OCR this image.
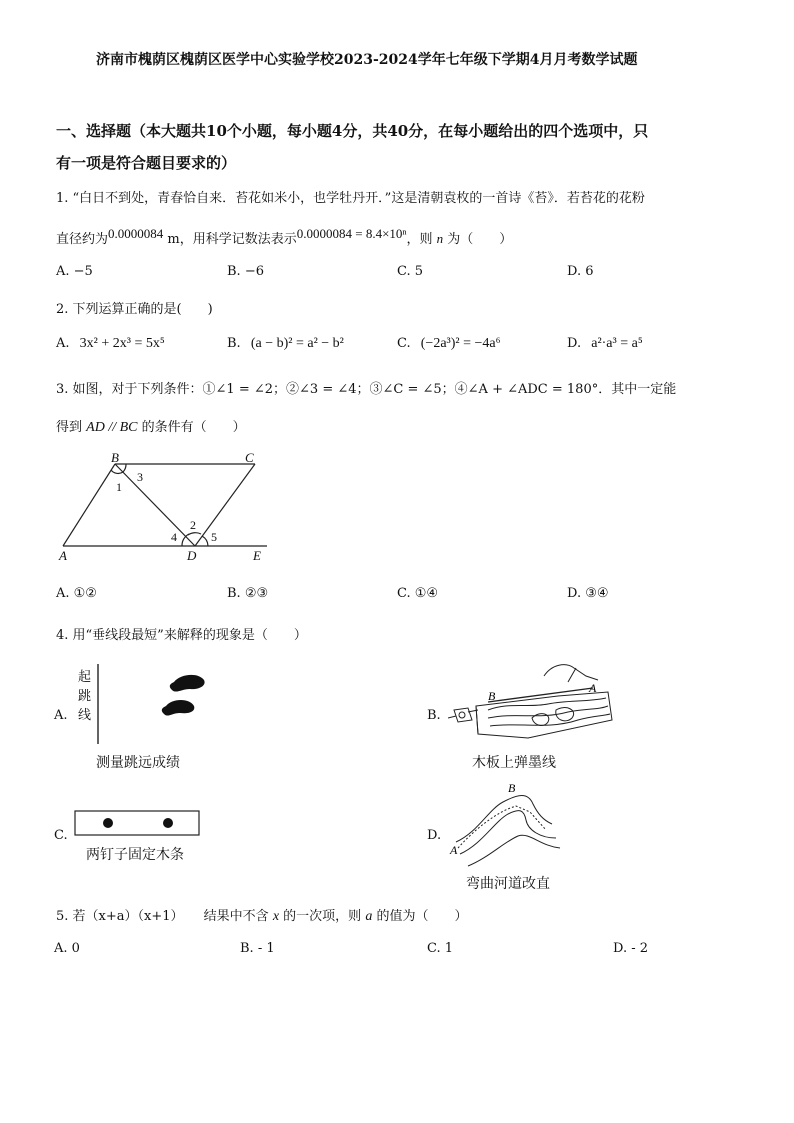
济南市槐荫区槐荫区医学中心实验学校2023-2024学年七年级下学期4月月考数学试题
一、选择题（本大题共10个小题，每小题4分，共40分，在每小题给出的四个选项中，只
有一项是符合题目要求的）
1. “白日不到处，青春恰自来．苔花如米小，也学牡丹开．”这是清朝袁枚的一首诗《苔》．若苔花的花粉
直径约为0.0000084 m，用科学记数法表示0.0000084 = 8.4×10ⁿ，则 n 为（　　）
A. −5	B. −6	C. 5	D. 6
2. 下列运算正确的是(　　)
A. 3x² + 2x³ = 5x⁵	B. (a − b)² = a² − b²	C. (−2a³)² = −4a⁶	D. a²·a³ = a⁵
3. 如图，对于下列条件：①∠1 = ∠2；②∠3 = ∠4；③∠C = ∠5；④∠A + ∠ADC = 180°．其中一定能
得到 AD // BC 的条件有（　　）
B	C
A	D	E
1
2
3
4	5
A. ①②	B. ②③	C. ①④	D. ③④
4. 用“垂线段最短”来解释的现象是（　　）
A.
起
跳
线
测量跳远成绩
B.
B
A
木板上弹墨线
C.
两钉子固定木条
D.
B
A
弯曲河道改直
5. 若（x+a）（x+1） 结果中不含 x 的一次项，则 a 的值为（　　）
A. 0	B. - 1	C. 1	D. - 2
